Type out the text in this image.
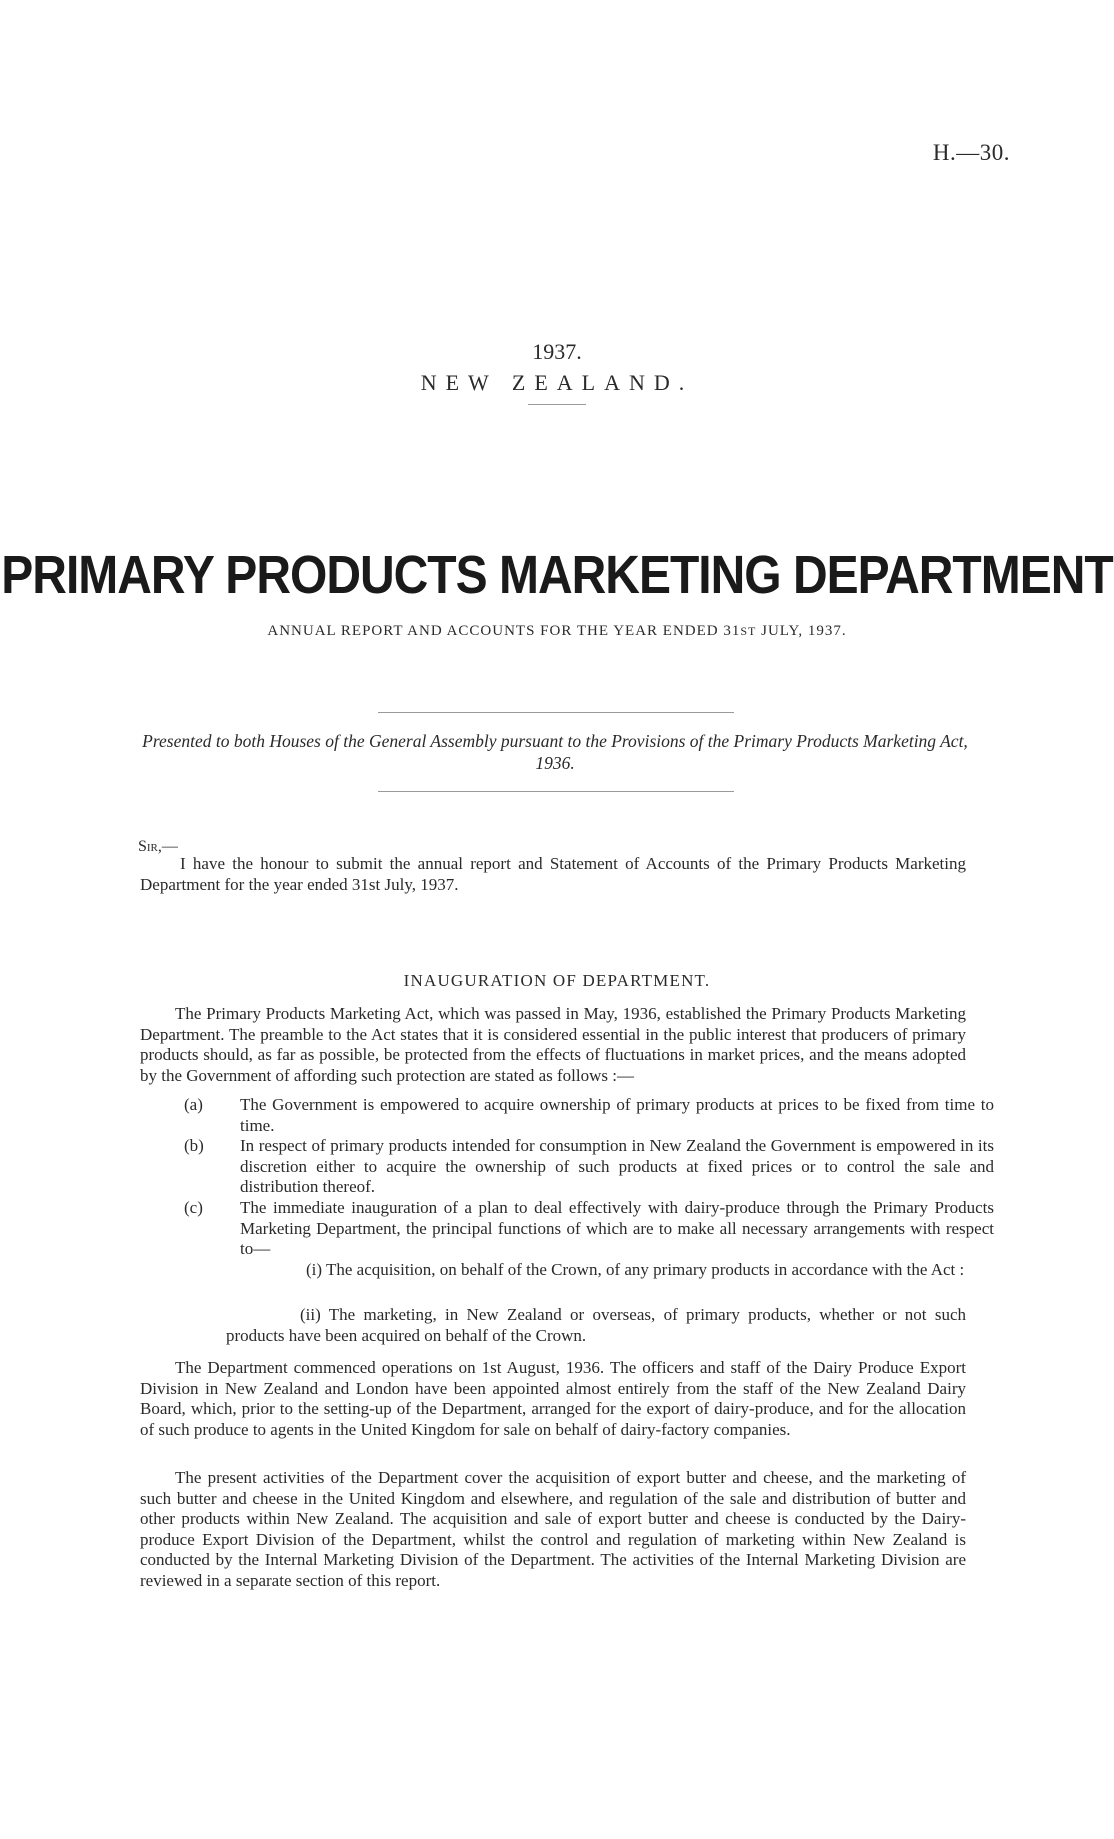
H.—30.
1937.
NEW ZEALAND.
PRIMARY PRODUCTS MARKETING DEPARTMENT
ANNUAL REPORT AND ACCOUNTS FOR THE YEAR ENDED 31ST JULY, 1937.
Presented to both Houses of the General Assembly pursuant to the Provisions of the Primary Products Marketing Act, 1936.
Sir,—
I have the honour to submit the annual report and Statement of Accounts of the Primary Products Marketing Department for the year ended 31st July, 1937.
INAUGURATION OF DEPARTMENT.
The Primary Products Marketing Act, which was passed in May, 1936, established the Primary Products Marketing Department. The preamble to the Act states that it is considered essential in the public interest that producers of primary products should, as far as possible, be protected from the effects of fluctuations in market prices, and the means adopted by the Government of affording such protection are stated as follows :—
(a) The Government is empowered to acquire ownership of primary products at prices to be fixed from time to time.
(b) In respect of primary products intended for consumption in New Zealand the Government is empowered in its discretion either to acquire the ownership of such products at fixed prices or to control the sale and distribution thereof.
(c) The immediate inauguration of a plan to deal effectively with dairy-produce through the Primary Products Marketing Department, the principal functions of which are to make all necessary arrangements with respect to—
(i) The acquisition, on behalf of the Crown, of any primary products in accordance with the Act :
(ii) The marketing, in New Zealand or overseas, of primary products, whether or not such products have been acquired on behalf of the Crown.
The Department commenced operations on 1st August, 1936. The officers and staff of the Dairy Produce Export Division in New Zealand and London have been appointed almost entirely from the staff of the New Zealand Dairy Board, which, prior to the setting-up of the Department, arranged for the export of dairy-produce, and for the allocation of such produce to agents in the United Kingdom for sale on behalf of dairy-factory companies.
The present activities of the Department cover the acquisition of export butter and cheese, and the marketing of such butter and cheese in the United Kingdom and elsewhere, and regulation of the sale and distribution of butter and other products within New Zealand. The acquisition and sale of export butter and cheese is conducted by the Dairy-produce Export Division of the Department, whilst the control and regulation of marketing within New Zealand is conducted by the Internal Marketing Division of the Department. The activities of the Internal Marketing Division are reviewed in a separate section of this report.
